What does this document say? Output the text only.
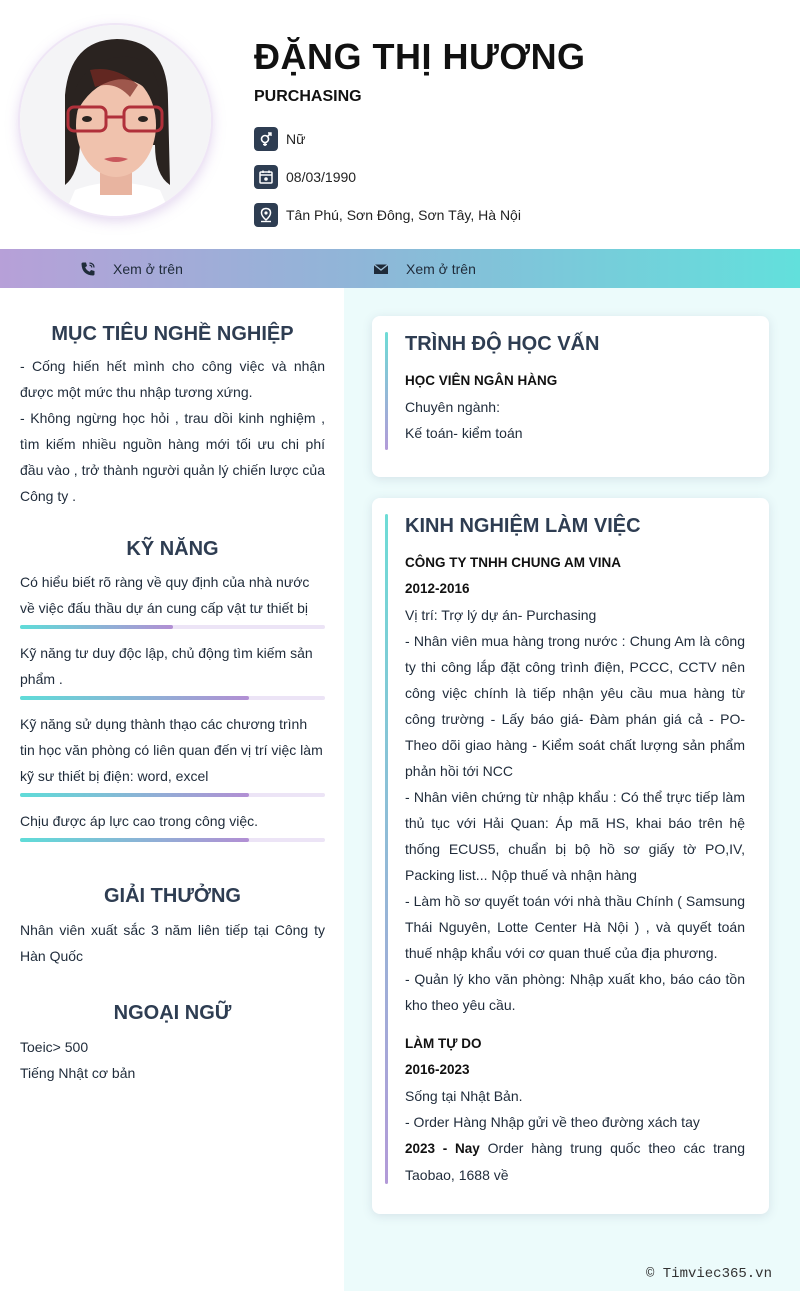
ĐẶNG THỊ HƯƠNG
PURCHASING
Nữ
08/03/1990
Tân Phú, Sơn Đông, Sơn Tây, Hà Nội
Xem ở trên	Xem ở trên
MỤC TIÊU NGHỀ NGHIỆP
- Cống hiến hết mình cho công việc và nhận được một mức thu nhập tương xứng.
- Không ngừng học hỏi , trau dồi kinh nghiệm , tìm kiếm nhiều nguồn hàng mới tối ưu chi phí đầu vào , trở thành người quản lý chiến lược của Công ty .
KỸ NĂNG
Có hiểu biết rõ ràng về quy định của nhà nước về việc đấu thầu dự án cung cấp vật tư thiết bị
Kỹ năng tư duy độc lập, chủ động tìm kiếm sản phẩm .
Kỹ năng sử dụng thành thạo các chương trình tin học văn phòng có liên quan đến vị trí việc làm kỹ sư thiết bị điện: word, excel
Chịu được áp lực cao trong công việc.
GIẢI THƯỞNG
Nhân viên xuất sắc 3 năm liên tiếp tại Công ty Hàn Quốc
NGOẠI NGỮ
Toeic> 500
Tiếng Nhật cơ bản
TRÌNH ĐỘ HỌC VẤN
HỌC VIÊN NGÂN HÀNG
Chuyên ngành:
Kế toán- kiểm toán
KINH NGHIỆM LÀM VIỆC
CÔNG TY TNHH CHUNG AM VINA
2012-2016
Vị trí: Trợ lý dự án- Purchasing
- Nhân viên mua hàng trong nước : Chung Am là công ty thi công lắp đặt công trình điện, PCCC, CCTV nên công việc chính là tiếp nhận yêu cầu mua hàng từ công trường - Lấy báo giá- Đàm phán giá cả - PO- Theo dõi giao hàng - Kiểm soát chất lượng sản phẩm phản hồi tới NCC
- Nhân viên chứng từ nhập khẩu : Có thể trực tiếp làm thủ tục với Hải Quan: Áp mã HS, khai báo trên hệ thống ECUS5, chuẩn bị bộ hồ sơ giấy tờ PO,IV, Packing list... Nộp thuế và nhận hàng
- Làm hồ sơ quyết toán với nhà thầu Chính ( Samsung Thái Nguyên, Lotte Center Hà Nội ) , và quyết toán thuế nhập khẩu với cơ quan thuế của địa phương.
- Quản lý kho văn phòng: Nhập xuất kho, báo cáo tồn kho theo yêu cầu.
LÀM TỰ DO
2016-2023
Sống tại Nhật Bản.
- Order Hàng Nhập gửi về theo đường xách tay
2023 - Nay Order hàng trung quốc theo các trang Taobao, 1688 về
© Timviec365.vn
